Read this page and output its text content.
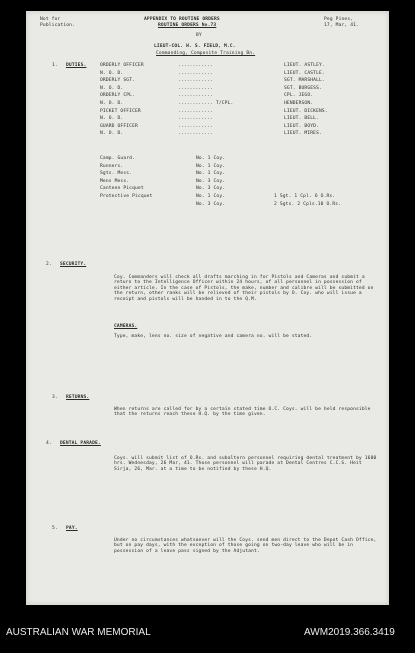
Not for
Publication.
APPENDIX TO ROUTINE ORDERS
ROUTINE ORDERS No.73
Peg Pines,
17, Mar, 41.
BY
LIEUT-COL. H. S. FIELD, M.C.
Commanding, Composite Training Bn.
1. DUTIES.	ORDERLY OFFICER	............	LIEUT. ASTLEY.
N. O. D.	............	LIEUT. CASTLE.
ORDERLY SGT.	............	SGT. MARSHALL.
N. O. D.	............	SGT. BURGESS.
ORDERLY CPL.	............	CPL. JEGO.
N. O. D.	............ T/CPL.	HENDERSON.
PICKET OFFICER	............	LIEUT. DICKENS.
N. O. D.	............	LIEUT. BELL.
GUARD OFFICER	............	LIEUT. BOYD.
N. O. D.	............	LIEUT. MIRES.
Camp. Guard.	No. 1 Coy.
Runners.	No. 1 Coy.
Sgts. Mess.	No. 1 Coy.
Mens Mess.	No. 3 Coy.
Canteen Picquet	No. 3 Coy.
Protective Picquet	No. 1 Coy.	1 Sgt. 1 Cpl. 6 O.Rs.
No. 3 Coy.	2 Sgts. 2 Cpls.10 O.Rs.
2. SECURITY.
Coy. Commanders will check all drafts marching in for Pistols and Cameras and submit a return to the Intelligence Officer within 24 hours, of all personnel in possession of either article. In the case of Pistols, the make, number and calibre will be submitted on the return, other ranks will be relieved of their pistols by O. Coy. who will issue a receipt and pistols will be handed in to the Q.M.
CAMERAS.
Type, make, lens no. size of negative and camera no. will be stated.
3. RETURNS.
When returns are called for by a certain stated time O.C. Coys. will be held responsible that the returns reach these H.Q. by the time given.
4. DENTAL PARADE.
Coys. will submit list of O.Rs. and subaltern personnel requiring dental treatment by 1600 hrs. Wednesday, 26 Mar, 41. Those personnel will parade at Dental Centres C.C.S. Heit Sirja, 26, Mar. at a time to be notified by these H.Q.
5. PAY.
Under no circumstances whatsoever will the Coys. send men direct to the Depot Cash Office, but on pay days, with the exception of those going on two-day leave who will be in possession of a leave pass signed by the Adjutant.
AUSTRALIAN WAR MEMORIAL	AWM2019.366.3419
